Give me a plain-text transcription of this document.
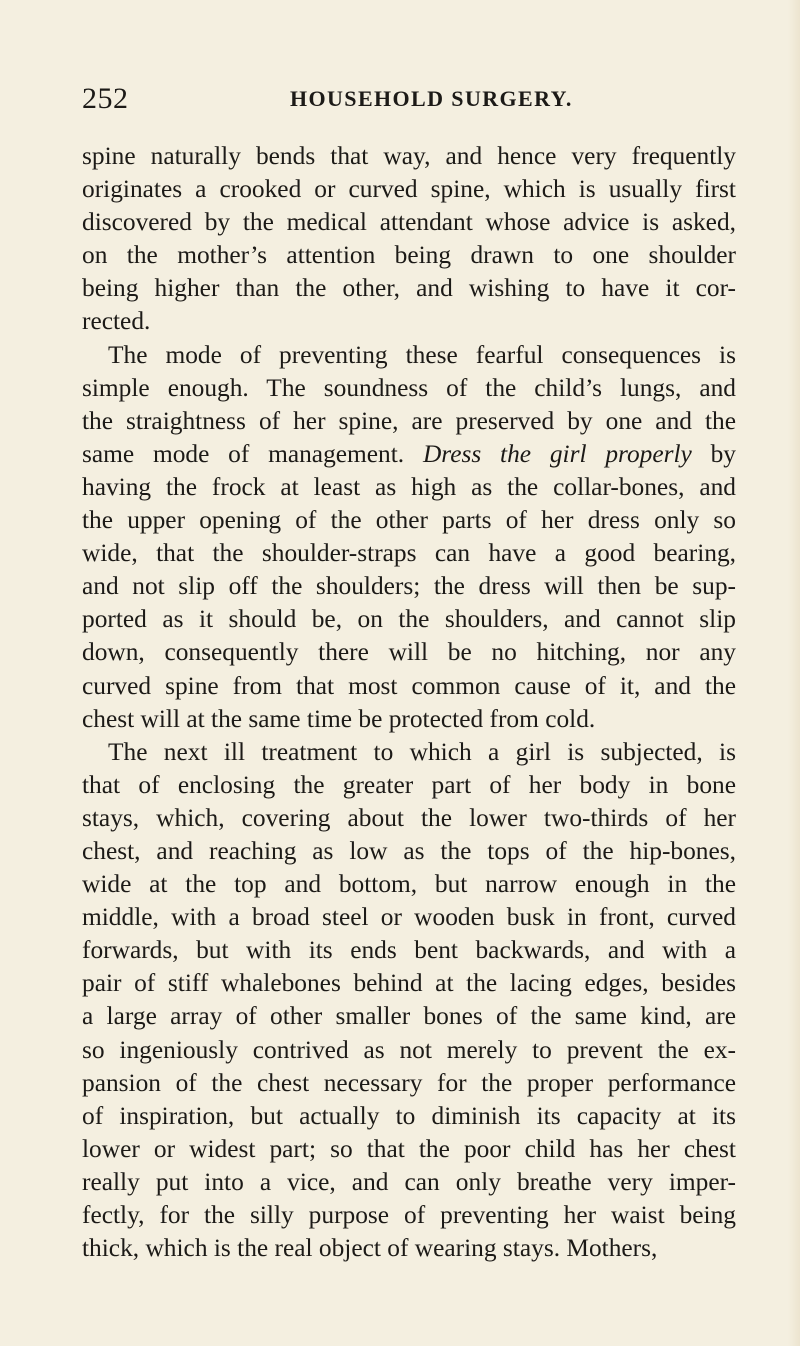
252	HOUSEHOLD SURGERY.
spine naturally bends that way, and hence very frequently
originates a crooked or curved spine, which is usually first
discovered by the medical attendant whose advice is asked,
on the mother’s attention being drawn to one shoulder
being higher than the other, and wishing to have it cor-
rected.
The mode of preventing these fearful consequences is
simple enough. The soundness of the child’s lungs, and
the straightness of her spine, are preserved by one and the
same mode of management. Dress the girl properly by
having the frock at least as high as the collar-bones, and
the upper opening of the other parts of her dress only so
wide, that the shoulder-straps can have a good bearing,
and not slip off the shoulders; the dress will then be sup-
ported as it should be, on the shoulders, and cannot slip
down, consequently there will be no hitching, nor any
curved spine from that most common cause of it, and the
chest will at the same time be protected from cold.
The next ill treatment to which a girl is subjected, is
that of enclosing the greater part of her body in bone
stays, which, covering about the lower two-thirds of her
chest, and reaching as low as the tops of the hip-bones,
wide at the top and bottom, but narrow enough in the
middle, with a broad steel or wooden busk in front, curved
forwards, but with its ends bent backwards, and with a
pair of stiff whalebones behind at the lacing edges, besides
a large array of other smaller bones of the same kind, are
so ingeniously contrived as not merely to prevent the ex-
pansion of the chest necessary for the proper performance
of inspiration, but actually to diminish its capacity at its
lower or widest part; so that the poor child has her chest
really put into a vice, and can only breathe very imper-
fectly, for the silly purpose of preventing her waist being
thick, which is the real object of wearing stays. Mothers,
